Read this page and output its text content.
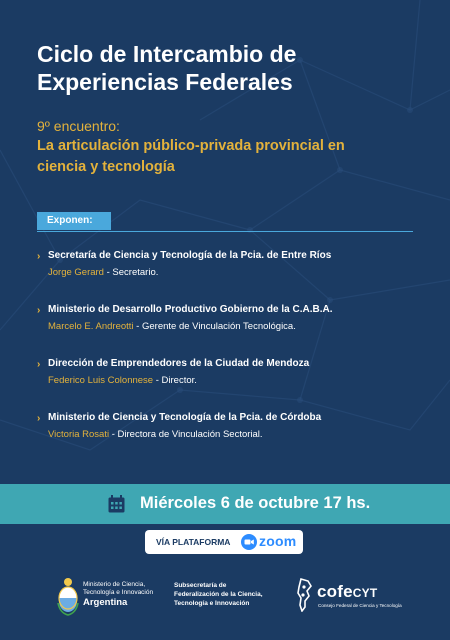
Ciclo de Intercambio de
Experiencias Federales
9º encuentro:
La articulación público-privada provincial en
ciencia y tecnología
Exponen:
› Secretaría de Ciencia y Tecnología de la Pcia. de Entre Ríos
Jorge Gerard - Secretario.
› Ministerio de Desarrollo Productivo Gobierno de la C.A.B.A.
Marcelo E. Andreotti - Gerente de Vinculación Tecnológica.
› Dirección de Emprendedores de la Ciudad de Mendoza
Federico Luis Colonnese - Director.
› Ministerio de Ciencia y Tecnología de la Pcia. de Córdoba
Victoria Rosati - Directora de Vinculación Sectorial.
Miércoles 6 de octubre 17 hs.
VÍA PLATAFORMA zoom
Ministerio de Ciencia,
Tecnología e Innovación
Argentina
Subsecretaría de
Federalización de la Ciencia,
Tecnología e Innovación
cofeCYT
Consejo Federal de Ciencia y Tecnología
